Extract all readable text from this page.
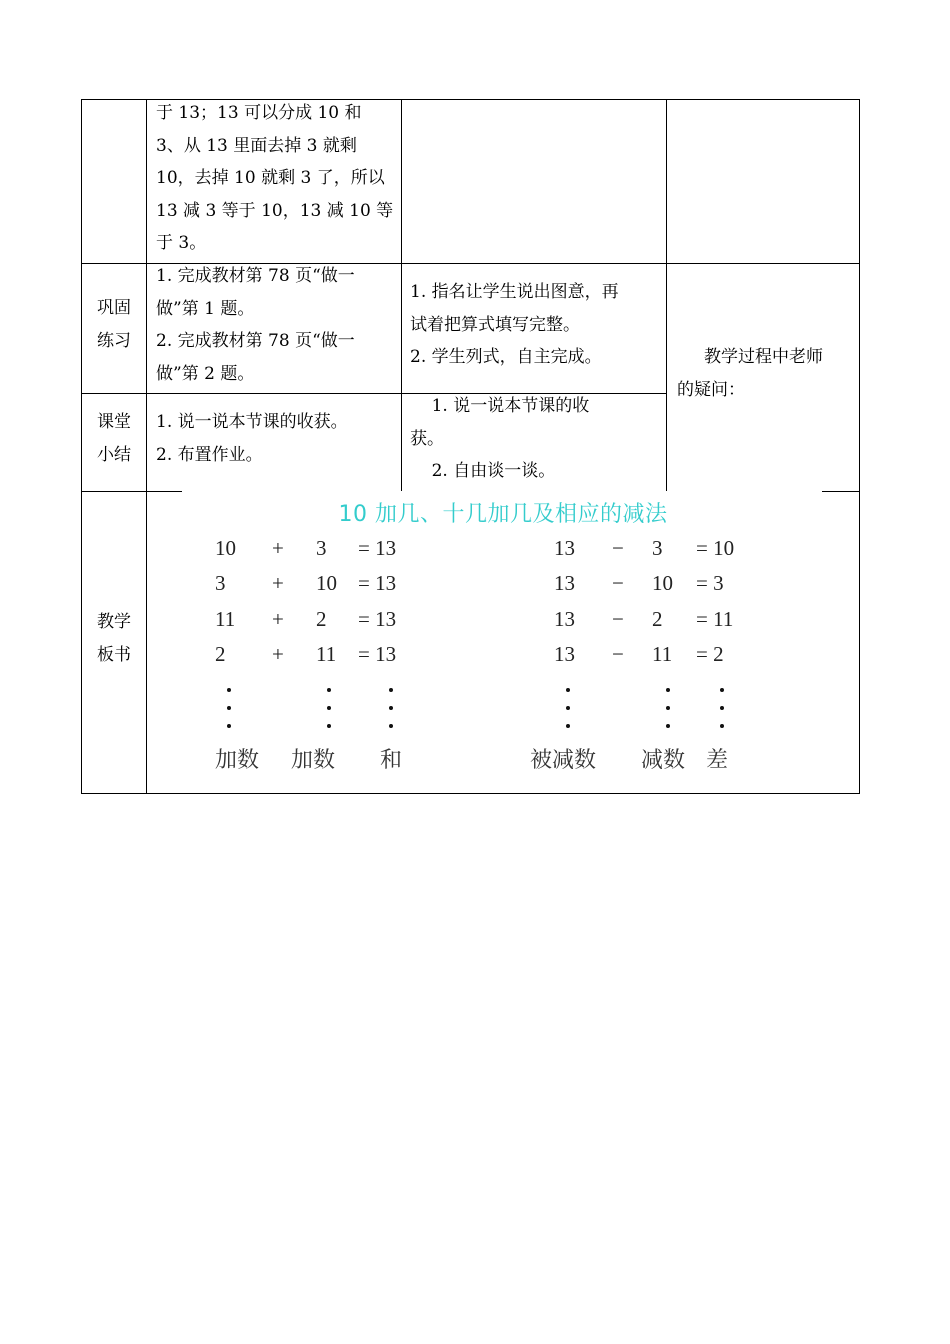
于 13；13 可以分成 10 和
3、从 13 里面去掉 3 就剩
10，去掉 10 就剩 3 了，所以
13 减 3 等于 10，13 减 10 等
于 3。
巩固
练习
1. 完成教材第 78 页“做一
做”第 1 题。
2. 完成教材第 78 页“做一
做”第 2 题。
1. 指名让学生说出图意，再
试着把算式填写完整。
2. 学生列式，自主完成。
课堂
小结
1. 说一说本节课的收获。
2. 布置作业。
1. 说一说本节课的收
获。
2. 自由谈一谈。
教学过程中老师
的疑问：
教学
板书
10 加几、十几加几及相应的减法
10 + 3 = 13
3 + 10 = 13
11 + 2 = 13
2 + 11 = 13
13 − 3 = 10
13 − 10 = 3
13 − 2 = 11
13 − 11 = 2
加数 加数 和	被减数 减数 差
